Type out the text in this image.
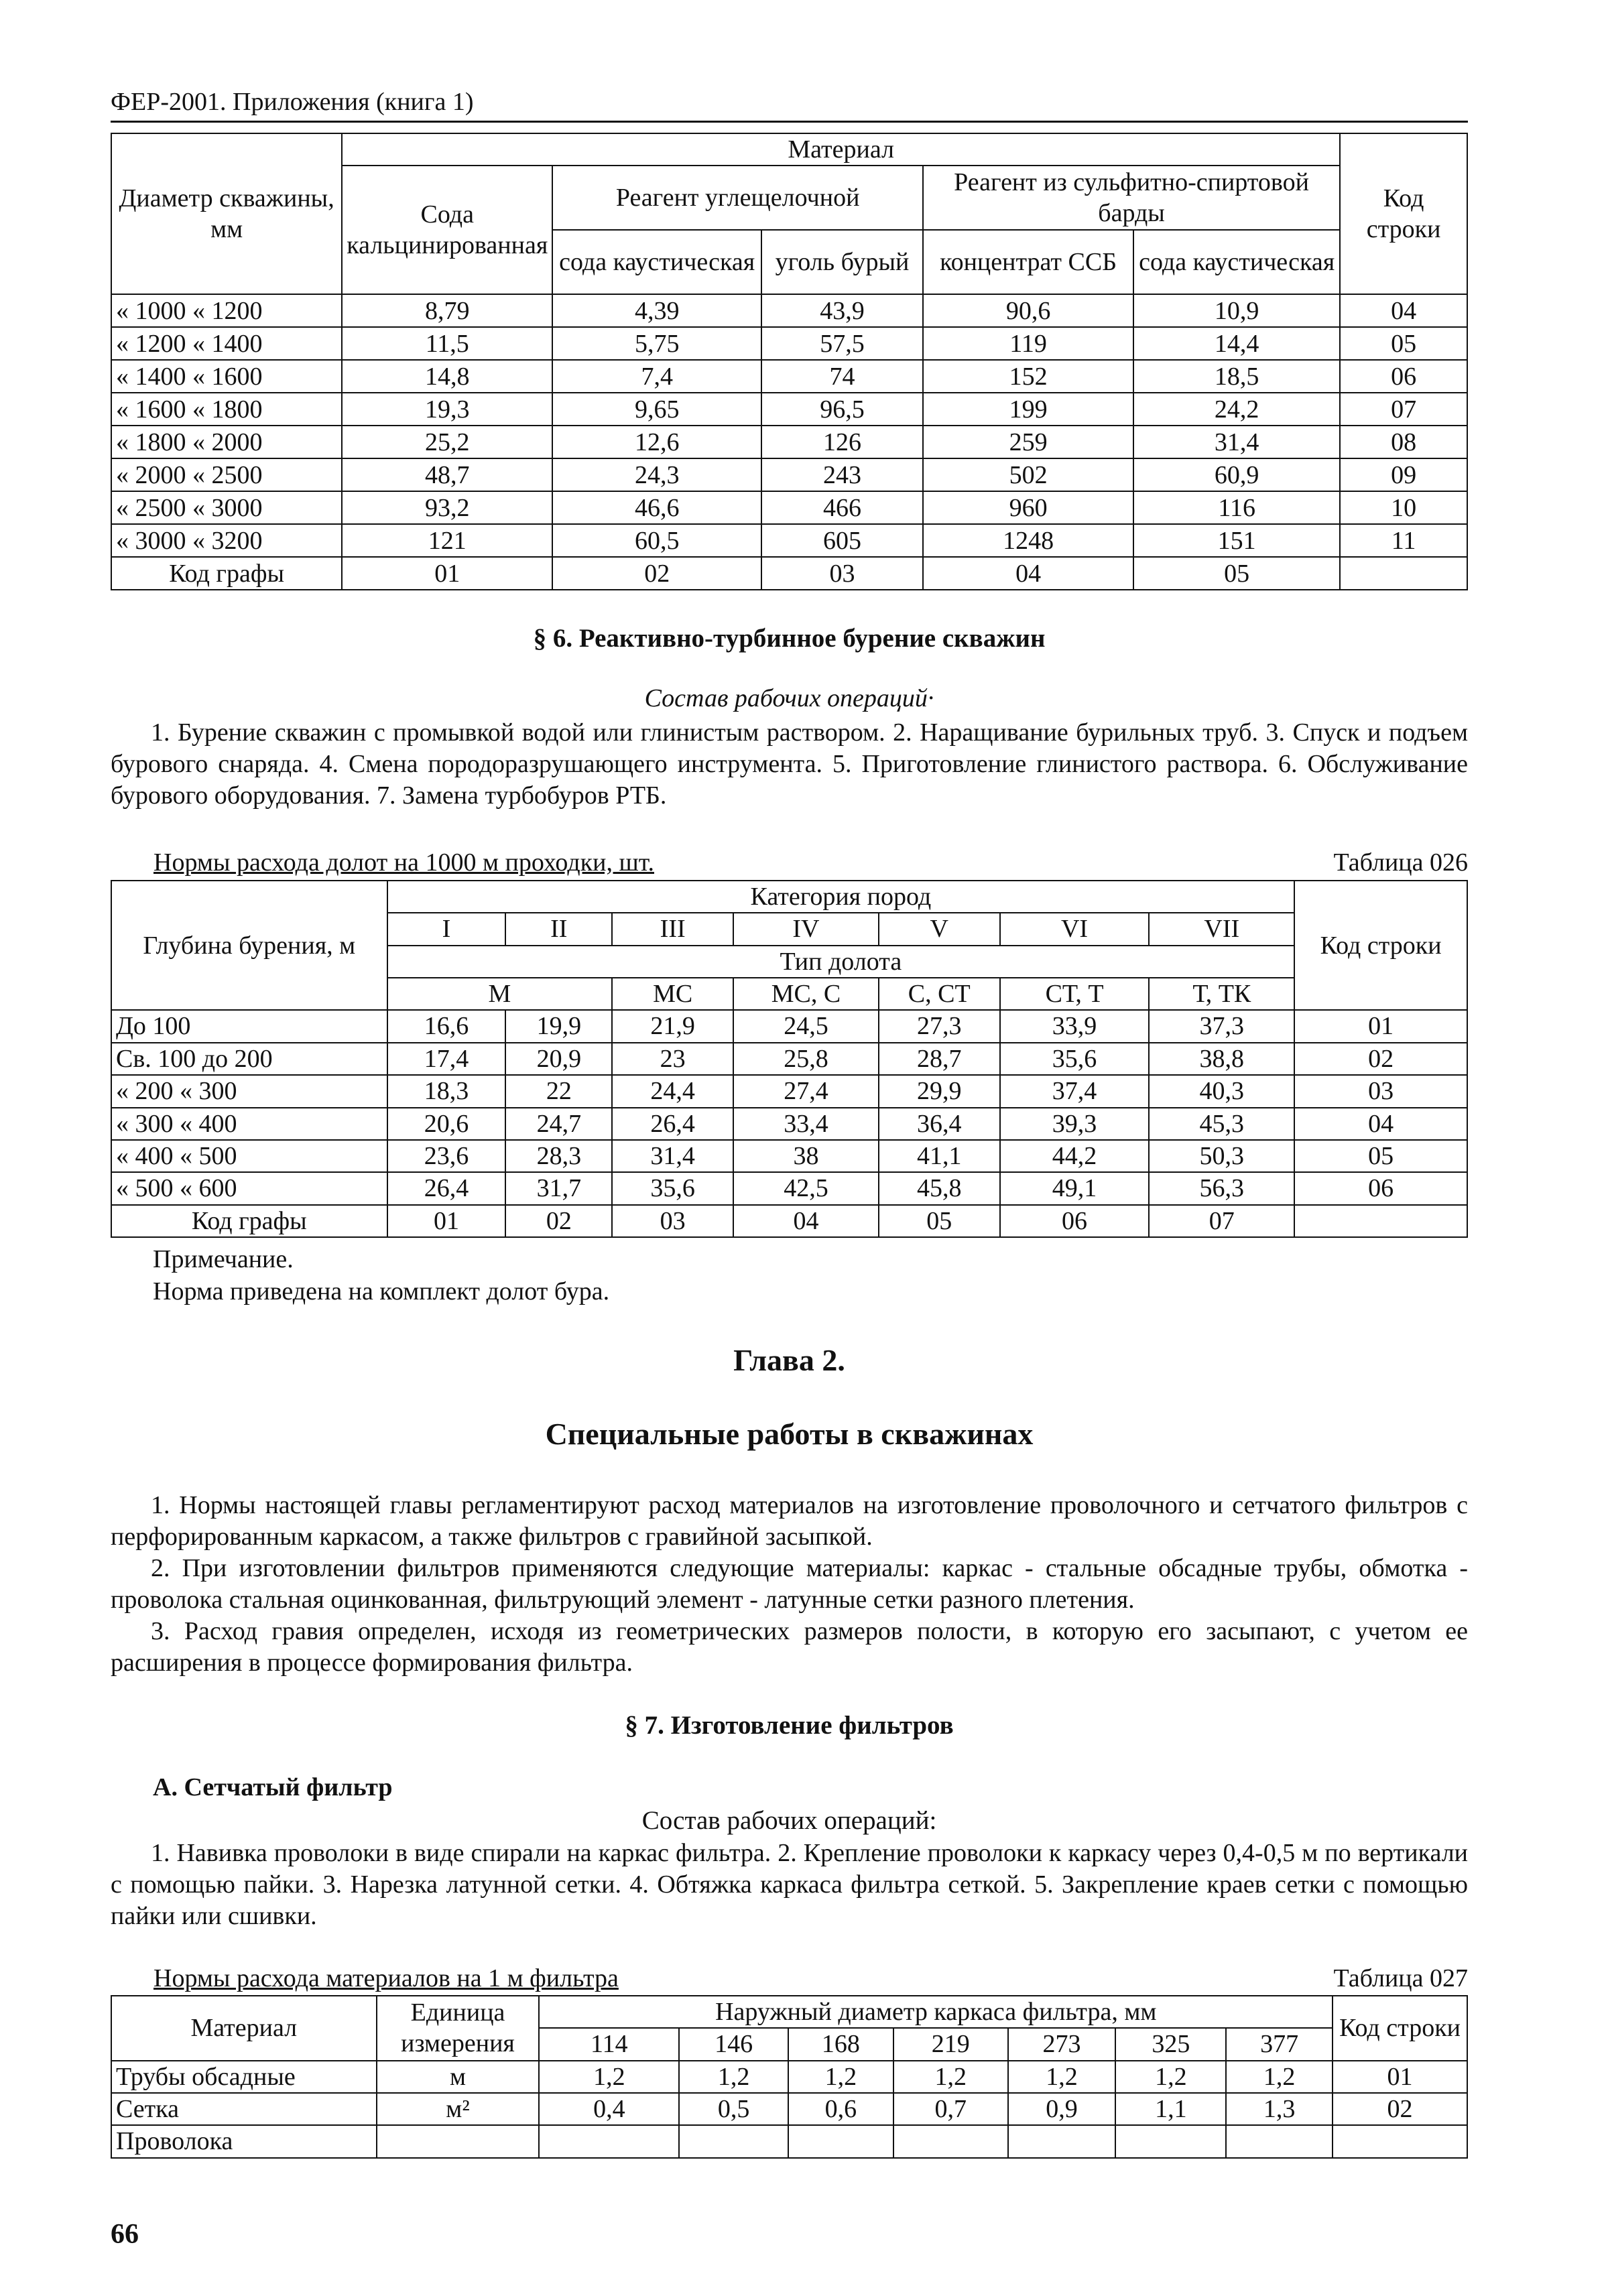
ФЕР-2001. Приложения (книга 1)
Диаметр скважины, мм	Материал					Код строки
	Сода кальцинированная	Реагент углещелочной		Реагент из сульфитно-спиртовой барды		
		сода каустическая	уголь бурый	концентрат ССБ	сода каустическая	
« 1000 « 1200	8,79	4,39	43,9	90,6	10,9	04
« 1200 « 1400	11,5	5,75	57,5	119	14,4	05
« 1400 « 1600	14,8	7,4	74	152	18,5	06
« 1600 « 1800	19,3	9,65	96,5	199	24,2	07
« 1800 « 2000	25,2	12,6	126	259	31,4	08
« 2000 « 2500	48,7	24,3	243	502	60,9	09
« 2500 « 3000	93,2	46,6	466	960	116	10
« 3000 « 3200	121	60,5	605	1248	151	11
Код графы	01	02	03	04	05	
§ 6. Реактивно-турбинное бурение скважин
Состав рабочих операций·

1. Бурение скважин с промывкой водой или глинистым раствором. 2. Наращивание бурильных труб. 3. Спуск и подъем бурового снаряда. 4. Смена породоразрушающего инструмента. 5. Приготовление глинистого раствора. 6. Обслуживание бурового оборудования. 7. Замена турбобуров РТБ.

Нормы расхода долот на 1000 м проходки, шт.	Таблица 026
Глубина бурения, м	Категория пород							Код строки
	I	II	III	IV	V	VI	VII	
	Тип долота							
	М		МС	МС, С	С, СТ	СТ, Т	Т, ТК	
До 100	16,6	19,9	21,9	24,5	27,3	33,9	37,3	01
Св. 100 до 200	17,4	20,9	23	25,8	28,7	35,6	38,8	02
« 200 « 300	18,3	22	24,4	27,4	29,9	37,4	40,3	03
« 300 « 400	20,6	24,7	26,4	33,4	36,4	39,3	45,3	04
« 400 « 500	23,6	28,3	31,4	38	41,1	44,2	50,3	05
« 500 « 600	26,4	31,7	35,6	42,5	45,8	49,1	56,3	06
Код графы	01	02	03	04	05	06	07	
Примечание.
Норма приведена на комплект долот бура.
Глава 2.
Специальные работы в скважинах

1. Нормы настоящей главы регламентируют расход материалов на изготовление проволочного и сетчатого фильтров с перфорированным каркасом, а также фильтров с гравийной засыпкой.

2. При изготовлении фильтров применяются следующие материалы: каркас - стальные обсадные трубы, обмотка - проволока стальная оцинкованная, фильтрующий элемент - латунные сетки разного плетения.

3. Расход гравия определен, исходя из геометрических размеров полости, в которую его засыпают, с учетом ее расширения в процессе формирования фильтра.

§ 7. Изготовление фильтров
А. Сетчатый фильтр
Состав рабочих операций:

1. Навивка проволоки в виде спирали на каркас фильтра. 2. Крепление проволоки к каркасу через 0,4-0,5 м по вертикали с помощью пайки. 3. Нарезка латунной сетки. 4. Обтяжка каркаса фильтра сеткой. 5. Закрепление краев сетки с помощью пайки или сшивки.

Нормы расхода материалов на 1 м фильтра	Таблица 027
Материал	Единица измерения	Наружный диаметр каркаса фильтра, мм							Код строки
		114	146	168	219	273	325	377	
Трубы обсадные	м	1,2	1,2	1,2	1,2	1,2	1,2	1,2	01
Сетка	м²	0,4	0,5	0,6	0,7	0,9	1,1	1,3	02
Проволока									
66
